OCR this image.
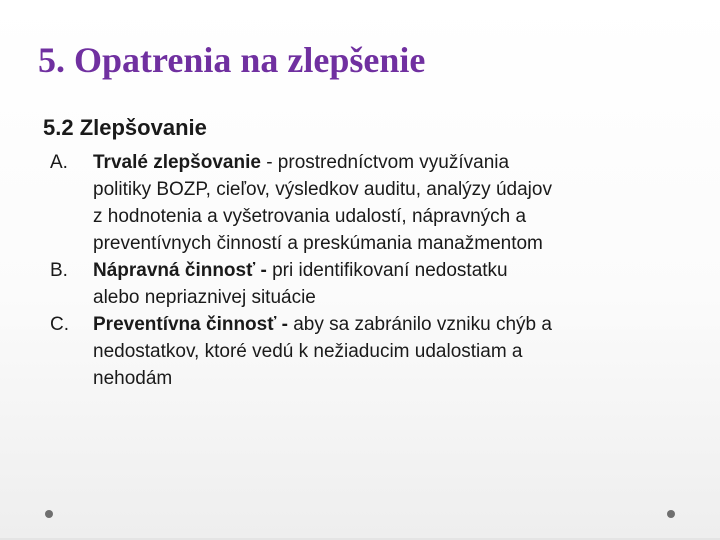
5. Opatrenia na zlepšenie
5.2 Zlepšovanie
A. Trvalé zlepšovanie - prostredníctvom využívania
politiky BOZP, cieľov, výsledkov auditu, analýzy údajov
z hodnotenia a vyšetrovania udalostí, nápravných a
preventívnych činností a preskúmania manažmentom
B. Nápravná činnosť - pri identifikovaní nedostatku
alebo nepriaznivej situácie
C. Preventívna činnosť - aby sa zabránilo vzniku chýb a
nedostatkov, ktoré vedú k nežiaducim udalostiam a
nehodám
